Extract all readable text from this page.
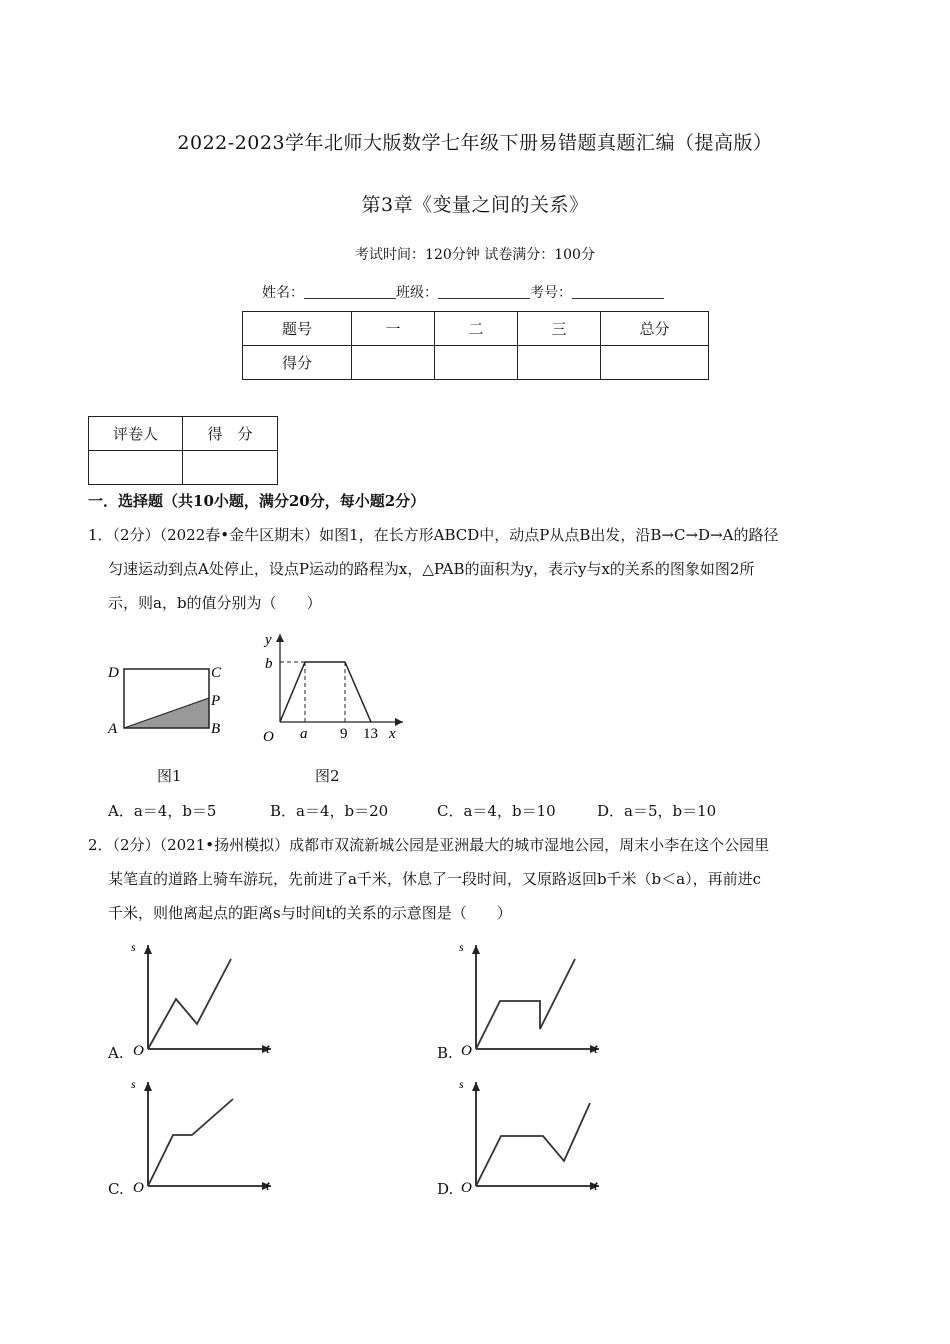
2022-2023学年北师大版数学七年级下册易错题真题汇编（提高版）
第3章《变量之间的关系》
考试时间：120分钟 试卷满分：100分
姓名：	班级：	考号：
题号	一	二	三	总分
得分				
评卷人	得　分

一．选择题（共10小题，满分20分，每小题2分）
1．（2分）（2022春•金牛区期末）如图1，在长方形ABCD中，动点P从点B出发，沿B→C→D→A的路径
匀速运动到点A处停止，设点P运动的路程为x，△PAB的面积为y，表示y与x的关系的图象如图2所
示，则a，b的值分别为（　　）
D	C
P
A	B
图1
y
b
O a 9 13 x
图2
A．a＝4，b＝5	B．a＝4，b＝20	C．a＝4，b＝10	D．a＝5，b＝10
2．（2分）（2021•扬州模拟）成都市双流新城公园是亚洲最大的城市湿地公园，周末小李在这个公园里
某笔直的道路上骑车游玩，先前进了a千米，休息了一段时间，又原路返回b千米（b＜a），再前进c
千米，则他离起点的距离s与时间t的关系的示意图是（　　）
A.
s
O	t	B.
s
O	t
C.
s
O	t	D.
s
O	t
